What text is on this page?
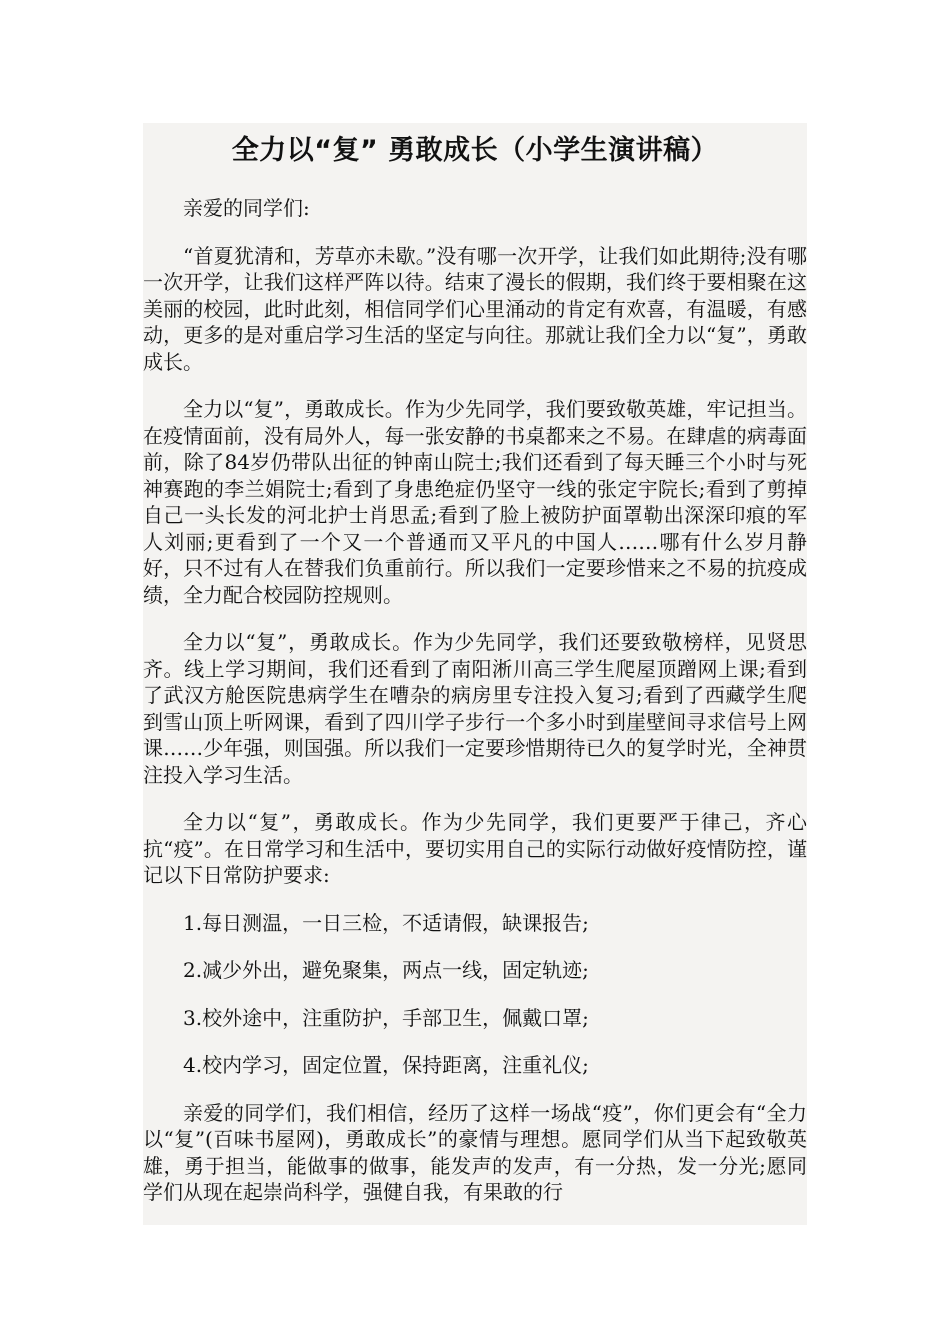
全力以“复” 勇敢成长（小学生演讲稿）

亲爱的同学们:

“首夏犹清和，芳草亦未歇。”没有哪一次开学，让我们如此期待;没有哪一次开学，让我们这样严阵以待。结束了漫长的假期，我们终于要相聚在这美丽的校园，此时此刻，相信同学们心里涌动的肯定有欢喜，有温暖，有感动，更多的是对重启学习生活的坚定与向往。那就让我们全力以“复”，勇敢成长。

全力以“复”，勇敢成长。作为少先同学，我们要致敬英雄，牢记担当。在疫情面前，没有局外人，每一张安静的书桌都来之不易。在肆虐的病毒面前，除了84岁仍带队出征的钟南山院士;我们还看到了每天睡三个小时与死神赛跑的李兰娟院士;看到了身患绝症仍坚守一线的张定宇院长;看到了剪掉自己一头长发的河北护士肖思孟;看到了脸上被防护面罩勒出深深印痕的军人刘丽;更看到了一个又一个普通而又平凡的中国人……哪有什么岁月静好，只不过有人在替我们负重前行。所以我们一定要珍惜来之不易的抗疫成绩，全力配合校园防控规则。

全力以“复”，勇敢成长。作为少先同学，我们还要致敬榜样，见贤思齐。线上学习期间，我们还看到了南阳淅川高三学生爬屋顶蹭网上课;看到了武汉方舱医院患病学生在嘈杂的病房里专注投入复习;看到了西藏学生爬到雪山顶上听网课，看到了四川学子步行一个多小时到崖壁间寻求信号上网课……少年强，则国强。所以我们一定要珍惜期待已久的复学时光，全神贯注投入学习生活。

全力以“复”，勇敢成长。作为少先同学，我们更要严于律己，齐心抗“疫”。在日常学习和生活中，要切实用自己的实际行动做好疫情防控，谨记以下日常防护要求:

1.每日测温，一日三检，不适请假，缺课报告;

2.减少外出，避免聚集，两点一线，固定轨迹;

3.校外途中，注重防护，手部卫生，佩戴口罩;

4.校内学习，固定位置，保持距离，注重礼仪;

亲爱的同学们，我们相信，经历了这样一场战“疫”，你们更会有“全力以“复”(百味书屋网)，勇敢成长”的豪情与理想。愿同学们从当下起致敬英雄，勇于担当，能做事的做事，能发声的发声，有一分热，发一分光;愿同学们从现在起崇尚科学，强健自我，有果敢的行
